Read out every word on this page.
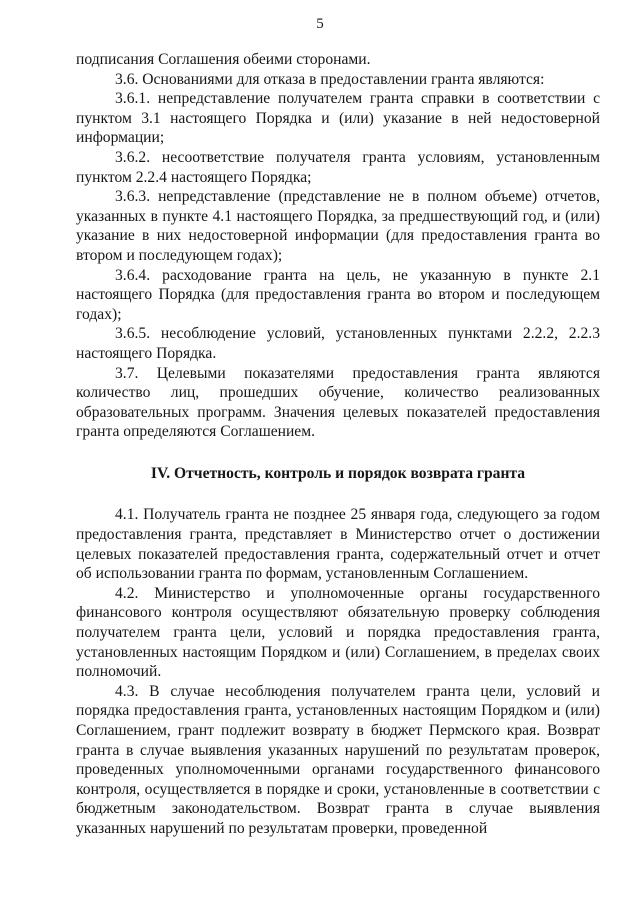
5

подписания Соглашения обеими сторонами.

3.6. Основаниями для отказа в предоставлении гранта являются:

3.6.1. непредставление получателем гранта справки в соответствии с пунктом 3.1 настоящего Порядка и (или) указание в ней недостоверной информации;

3.6.2. несоответствие получателя гранта условиям, установленным пунктом 2.2.4 настоящего Порядка;

3.6.3. непредставление (представление не в полном объеме) отчетов, указанных в пункте 4.1 настоящего Порядка, за предшествующий год, и (или) указание в них недостоверной информации (для предоставления гранта во втором и последующем годах);

3.6.4. расходование гранта на цель, не указанную в пункте 2.1 настоящего Порядка (для предоставления гранта во втором и последующем годах);

3.6.5. несоблюдение условий, установленных пунктами 2.2.2, 2.2.3 настоящего Порядка.

3.7. Целевыми показателями предоставления гранта являются количество лиц, прошедших обучение, количество реализованных образовательных программ. Значения целевых показателей предоставления гранта определяются Соглашением.

IV. Отчетность, контроль и порядок возврата гранта

4.1. Получатель гранта не позднее 25 января года, следующего за годом предоставления гранта, представляет в Министерство отчет о достижении целевых показателей предоставления гранта, содержательный отчет и отчет об использовании гранта по формам, установленным Соглашением.

4.2. Министерство и уполномоченные органы государственного финансового контроля осуществляют обязательную проверку соблюдения получателем гранта цели, условий и порядка предоставления гранта, установленных настоящим Порядком и (или) Соглашением, в пределах своих полномочий.

4.3. В случае несоблюдения получателем гранта цели, условий и порядка предоставления гранта, установленных настоящим Порядком и (или) Соглашением, грант подлежит возврату в бюджет Пермского края. Возврат гранта в случае выявления указанных нарушений по результатам проверок, проведенных уполномоченными органами государственного финансового контроля, осуществляется в порядке и сроки, установленные в соответствии с бюджетным законодательством. Возврат гранта в случае выявления указанных нарушений по результатам проверки, проведенной
